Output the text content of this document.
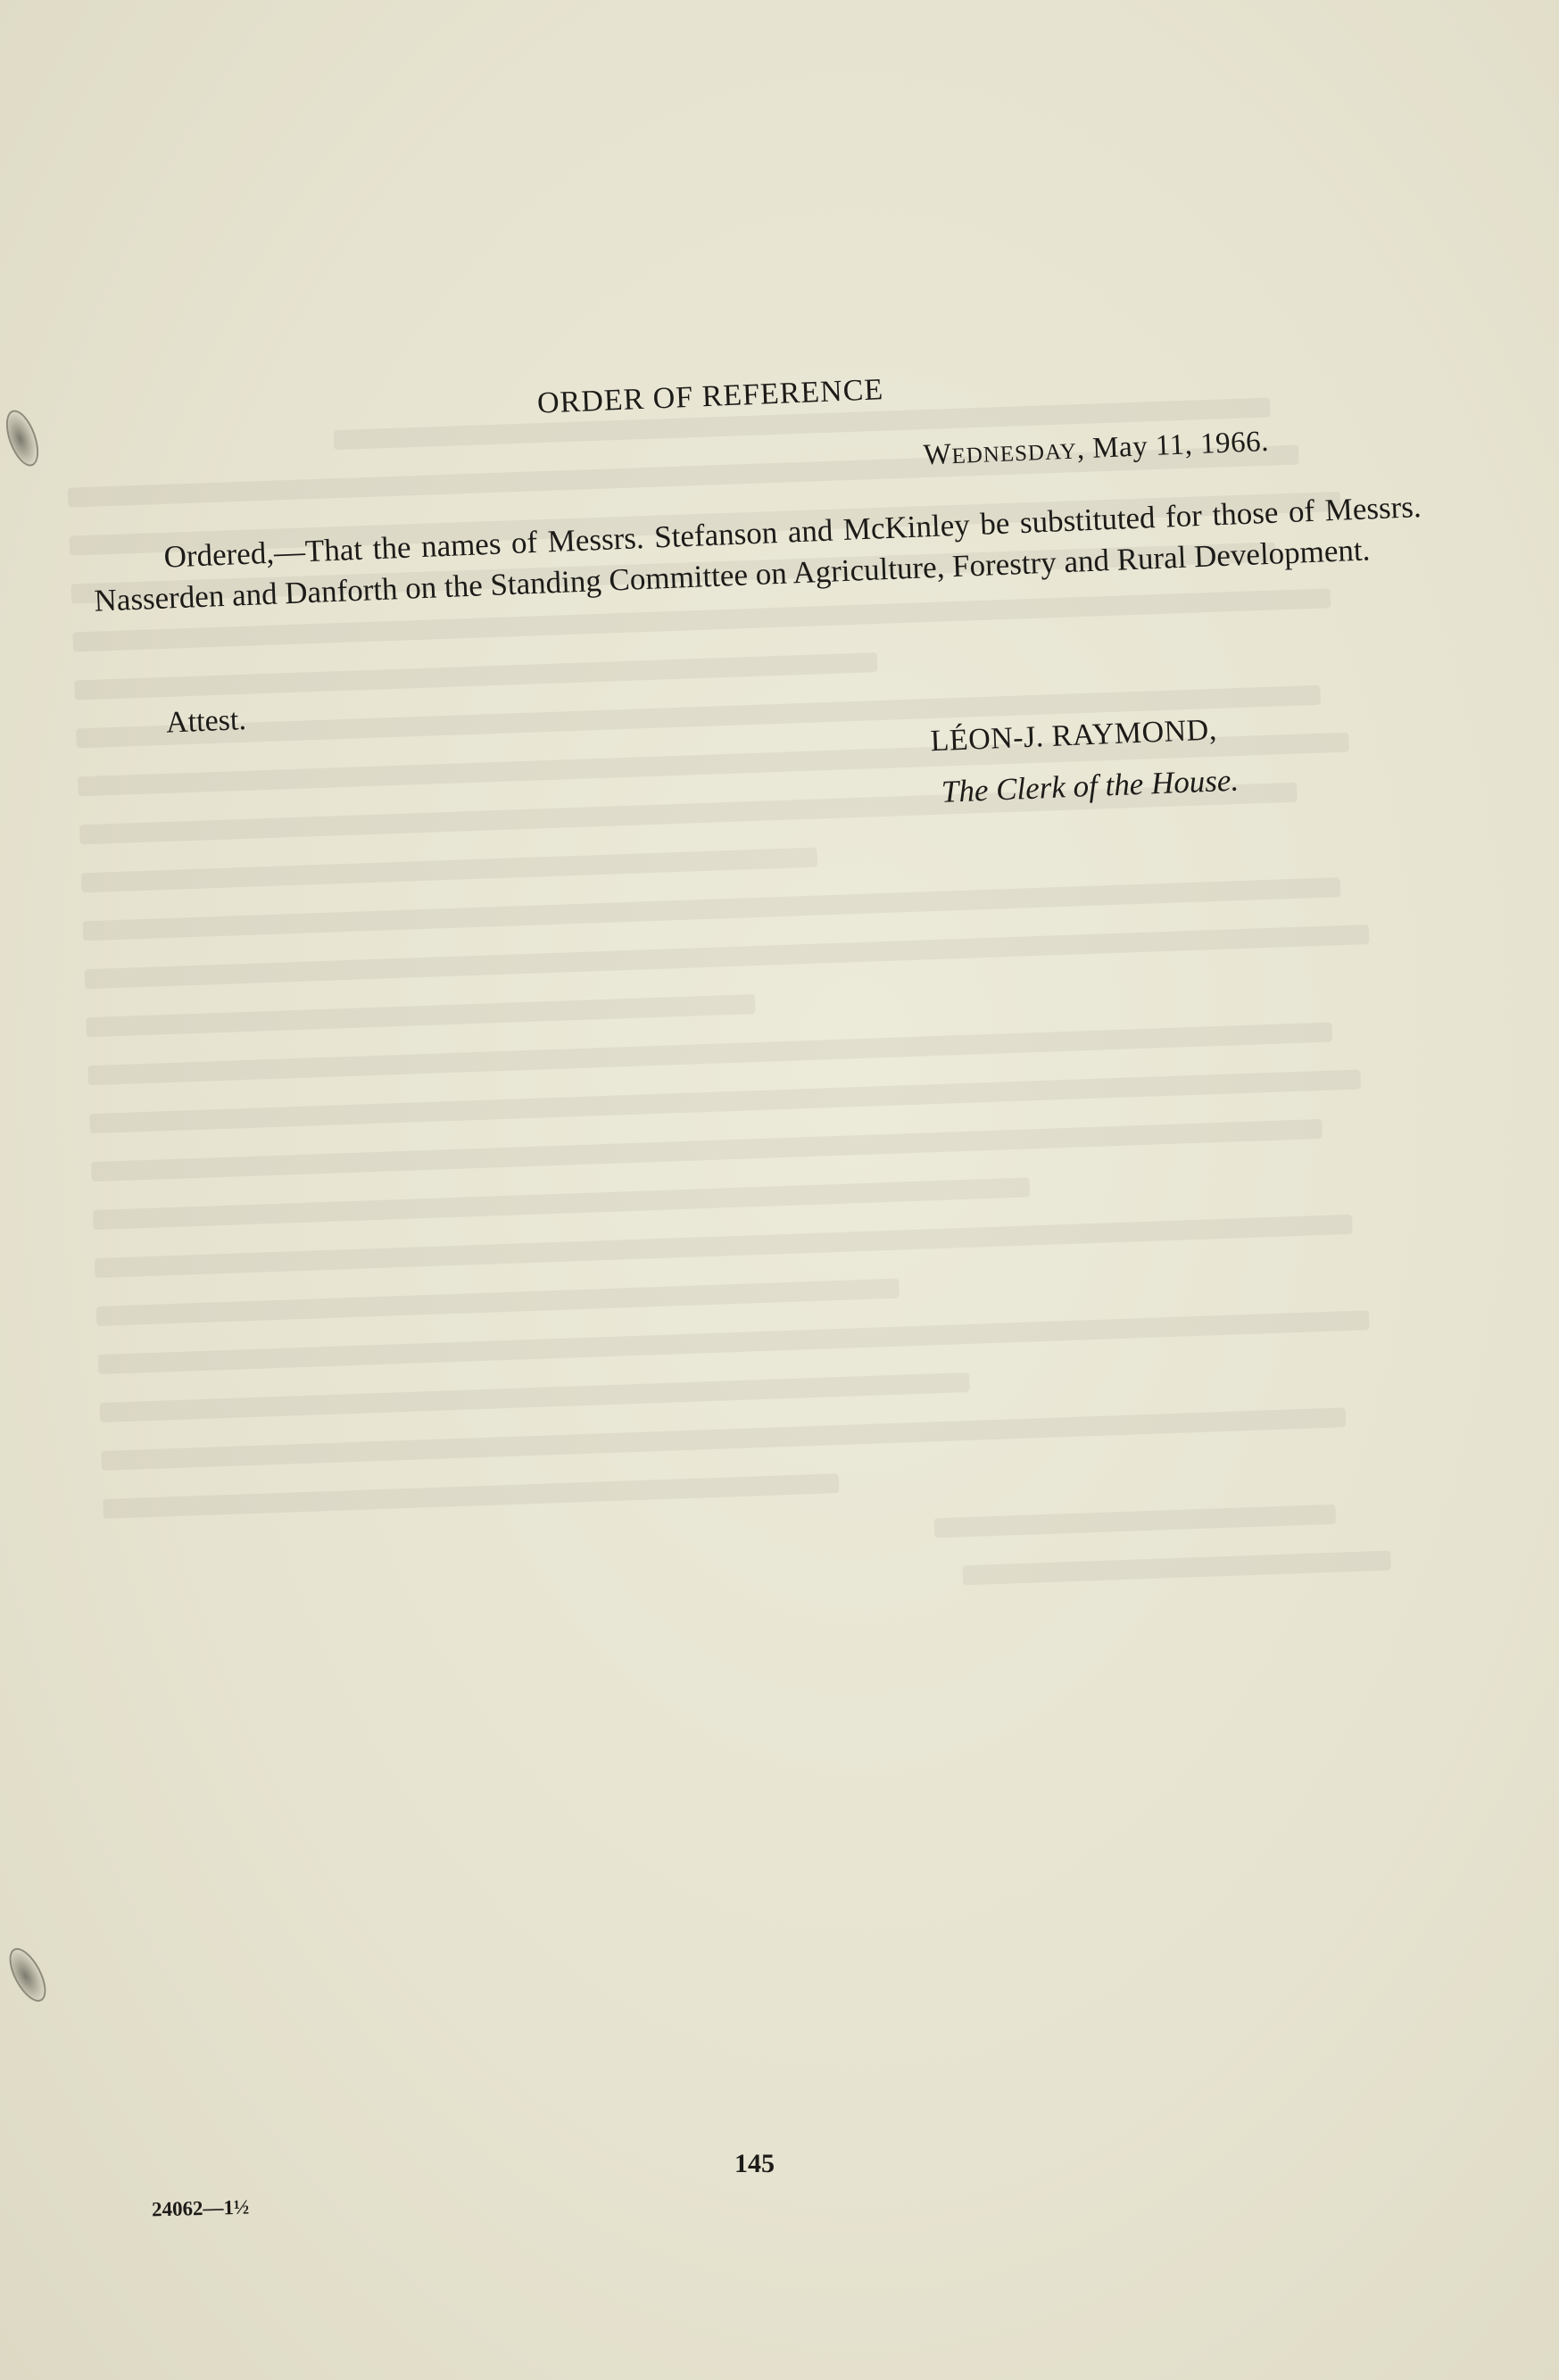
ORDER OF REFERENCE
WEDNESDAY, May 11, 1966.
Ordered,—That the names of Messrs. Stefanson and McKinley be substituted for those of Messrs. Nasserden and Danforth on the Standing Committee on Agriculture, Forestry and Rural Development.
Attest.	LÉON-J. RAYMOND,
The Clerk of the House.
145
24062—1½
